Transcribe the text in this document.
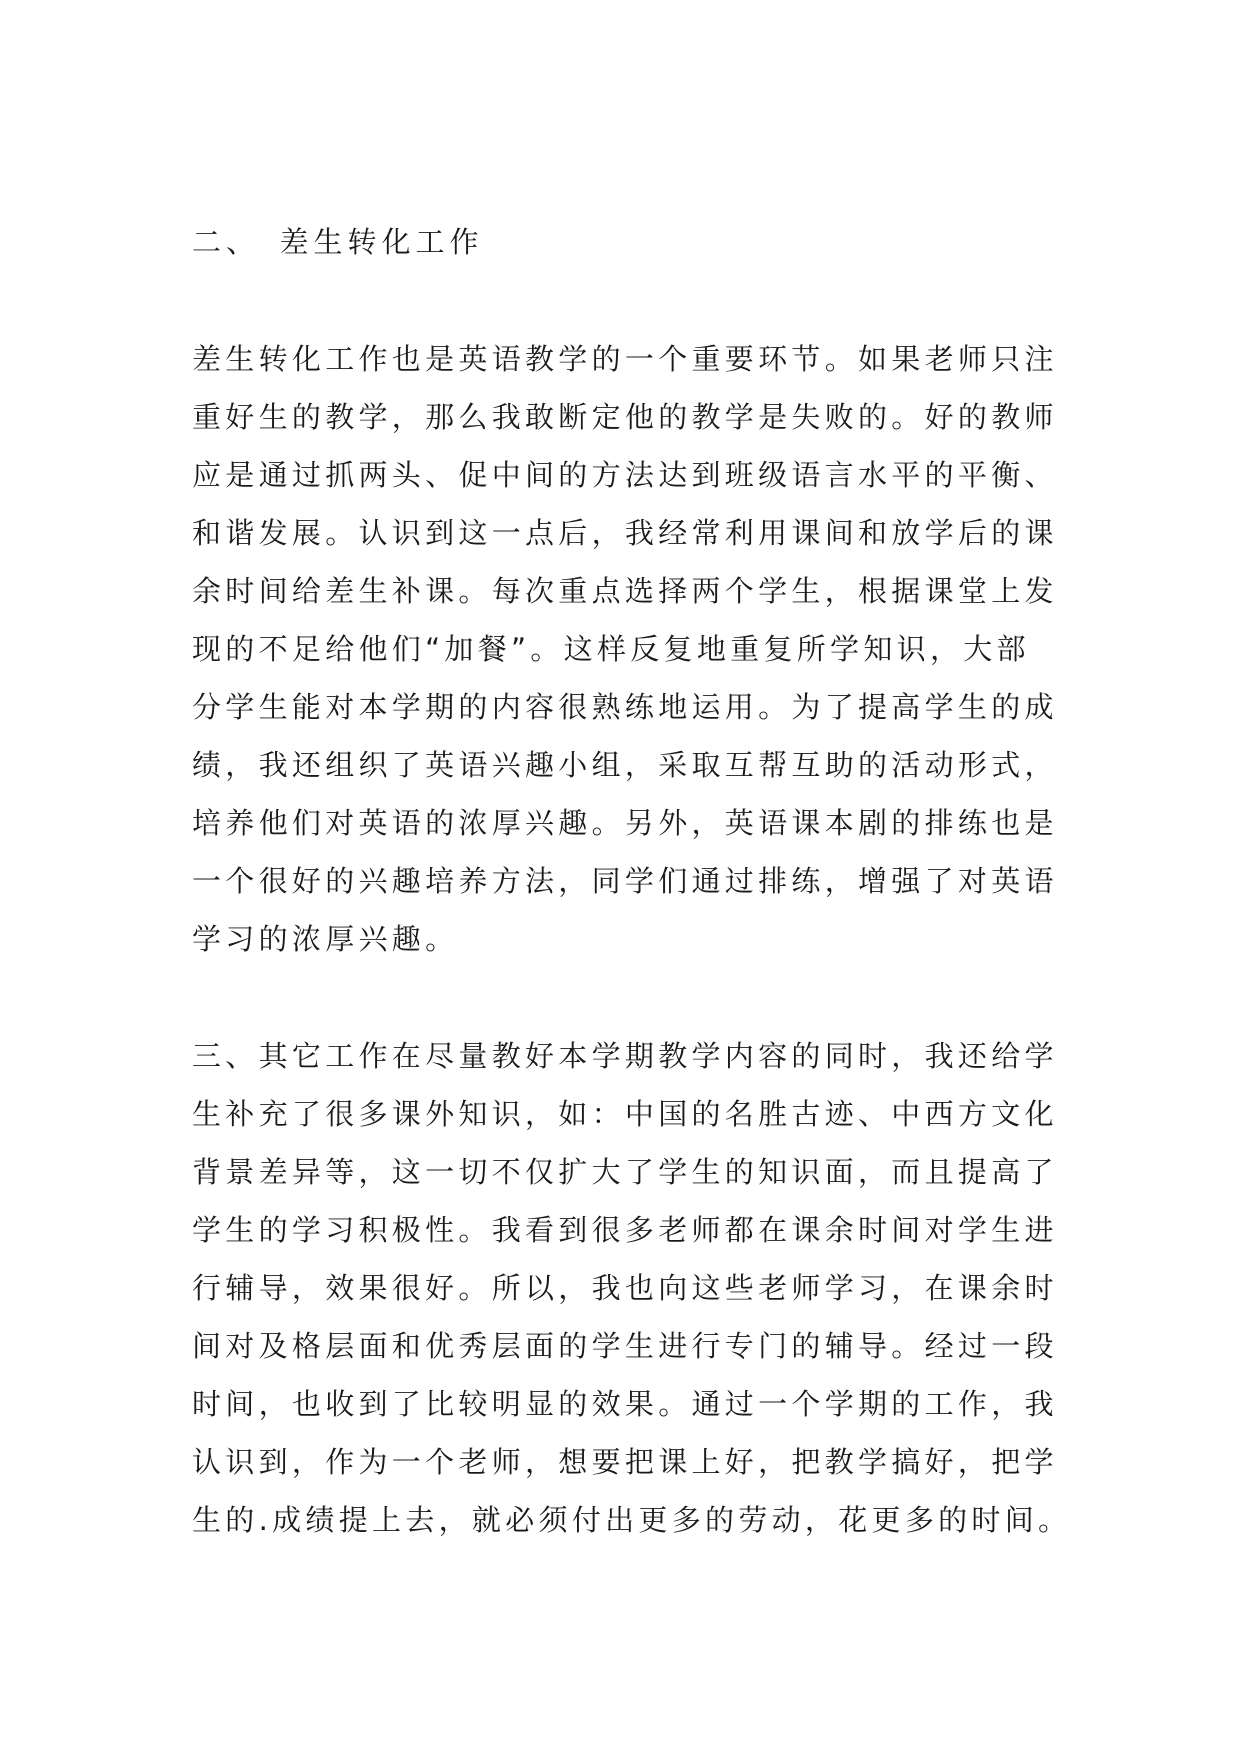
二、　差生转化工作

差生转化工作也是英语教学的一个重要环节。如果老师只注

重好生的教学，那么我敢断定他的教学是失败的。好的教师

应是通过抓两头、促中间的方法达到班级语言水平的平衡、

和谐发展。认识到这一点后，我经常利用课间和放学后的课

余时间给差生补课。每次重点选择两个学生，根据课堂上发

现的不足给他们“加餐”。这样反复地重复所学知识，大部

分学生能对本学期的内容很熟练地运用。为了提高学生的成

绩，我还组织了英语兴趣小组，采取互帮互助的活动形式，

培养他们对英语的浓厚兴趣。另外，英语课本剧的排练也是

一个很好的兴趣培养方法，同学们通过排练，增强了对英语

学习的浓厚兴趣。

三、其它工作在尽量教好本学期教学内容的同时，我还给学

生补充了很多课外知识，如：中国的名胜古迹、中西方文化

背景差异等，这一切不仅扩大了学生的知识面，而且提高了

学生的学习积极性。我看到很多老师都在课余时间对学生进

行辅导，效果很好。所以，我也向这些老师学习，在课余时

间对及格层面和优秀层面的学生进行专门的辅导。经过一段

时间，也收到了比较明显的效果。通过一个学期的工作，我

认识到，作为一个老师，想要把课上好，把教学搞好，把学

生的.成绩提上去，就必须付出更多的劳动，花更多的时间。
